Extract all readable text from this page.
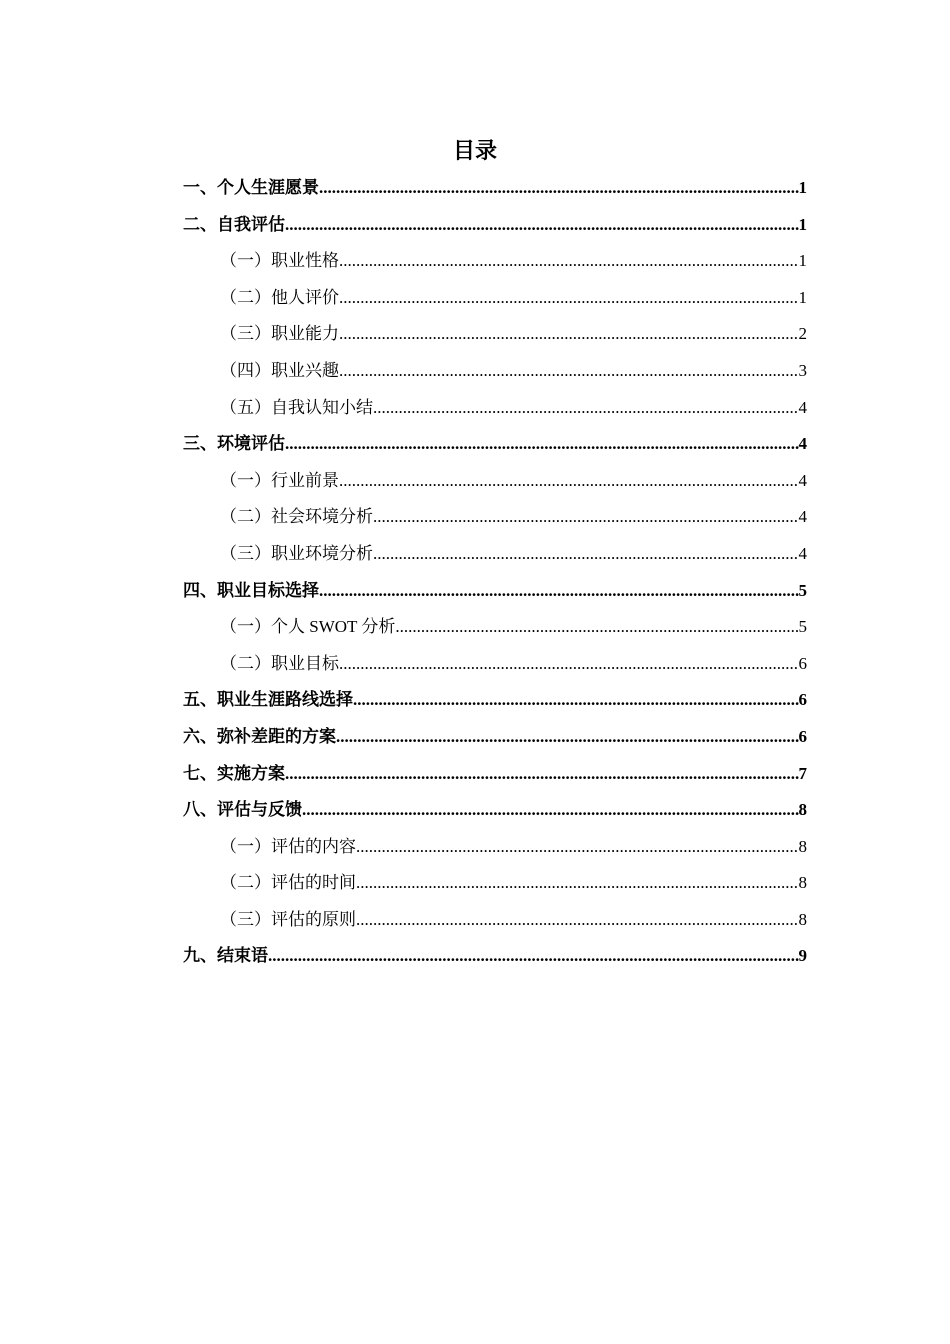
目录
一、个人生涯愿景 .....	1
二、自我评估 .....	1
（一）职业性格 .....	1
（二）他人评价 .....	1
（三）职业能力 .....	2
（四）职业兴趣 .....	3
（五）自我认知小结 .....	4
三、环境评估 .....	4
（一）行业前景 .....	4
（二）社会环境分析 .....	4
（三）职业环境分析 .....	4
四、职业目标选择 .....	5
（一）个人 SWOT 分析 .....	5
（二）职业目标 .....	6
五、职业生涯路线选择 .....	6
六、弥补差距的方案 .....	6
七、实施方案 .....	7
八、评估与反馈 .....	8
（一）评估的内容 .....	8
（二）评估的时间 .....	8
（三）评估的原则 .....	8
九、结束语 .....	9
